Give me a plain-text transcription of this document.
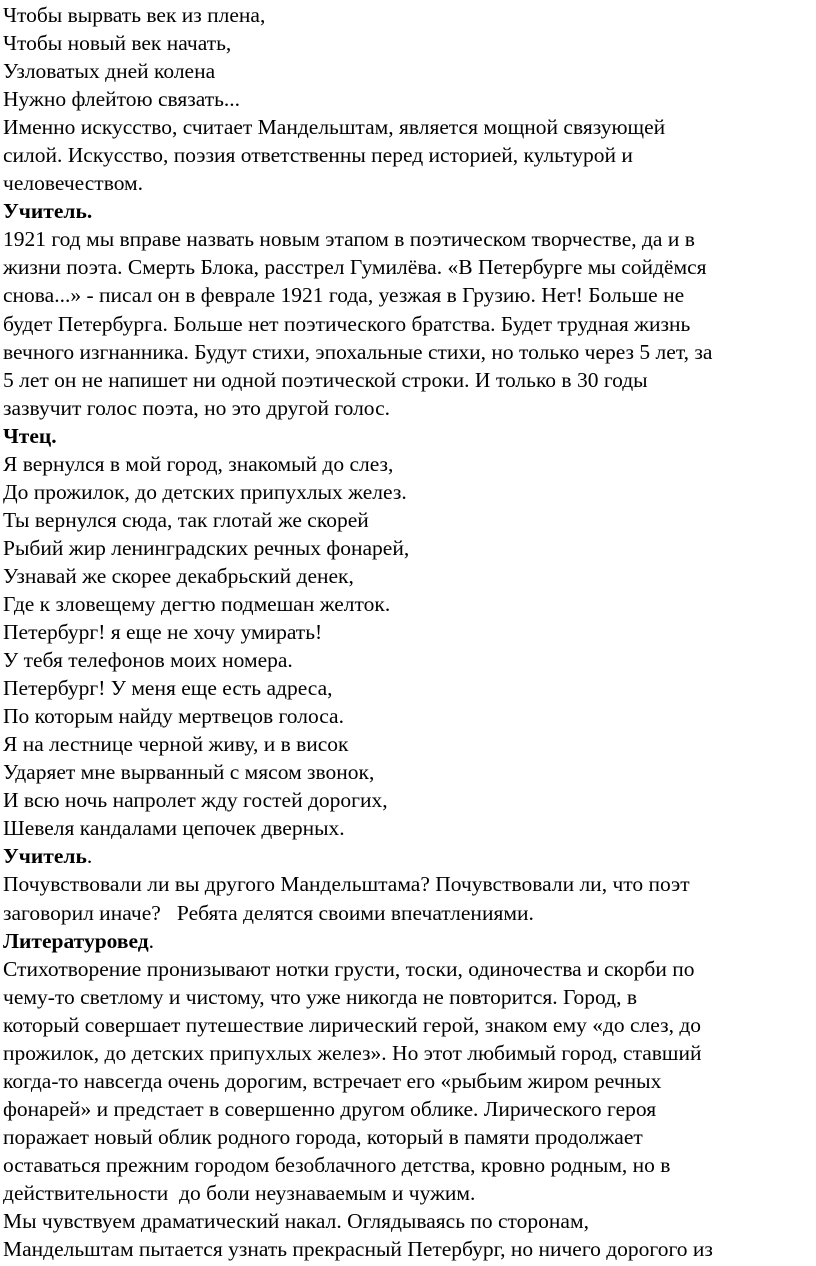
Чтобы вырвать век из плена,
Чтобы новый век начать,
Узловатых дней колена
Нужно флейтою связать...
Именно искусство, считает Мандельштам, является мощной связующей
силой. Искусство, поэзия ответственны перед историей, культурой и
человечеством.
Учитель.
1921 год мы вправе назвать новым этапом в поэтическом творчестве, да и в
жизни поэта. Смерть Блока, расстрел Гумилёва. «В Петербурге мы сойдёмся
снова...» - писал он в феврале 1921 года, уезжая в Грузию. Нет! Больше не
будет Петербурга. Больше нет поэтического братства. Будет трудная жизнь
вечного изгнанника. Будут стихи, эпохальные стихи, но только через 5 лет, за
5 лет он не напишет ни одной поэтической строки. И только в 30 годы
зазвучит голос поэта, но это другой голос.
Чтец.
Я вернулся в мой город, знакомый до слез,
До прожилок, до детских припухлых желез.
Ты вернулся сюда, так глотай же скорей
Рыбий жир ленинградских речных фонарей,
Узнавай же скорее декабрьский денек,
Где к зловещему дегтю подмешан желток.
Петербург! я еще не хочу умирать!
У тебя телефонов моих номера.
Петербург! У меня еще есть адреса,
По которым найду мертвецов голоса.
Я на лестнице черной живу, и в висок
Ударяет мне вырванный с мясом звонок,
И всю ночь напролет жду гостей дорогих,
Шевеля кандалами цепочек дверных.
Учитель.
Почувствовали ли вы другого Мандельштама? Почувствовали ли, что поэт
заговорил иначе?   Ребята делятся своими впечатлениями.
Литературовед.
Стихотворение пронизывают нотки грусти, тоски, одиночества и скорби по
чему-то светлому и чистому, что уже никогда не повторится. Город, в
который совершает путешествие лирический герой, знаком ему «до слез, до
прожилок, до детских припухлых желез». Но этот любимый город, ставший
когда-то навсегда очень дорогим, встречает его «рыбьим жиром речных
фонарей» и предстает в совершенно другом облике. Лирического героя
поражает новый облик родного города, который в памяти продолжает
оставаться прежним городом безоблачного детства, кровно родным, но в
действительности  до боли неузнаваемым и чужим.
Мы чувствуем драматический накал. Оглядываясь по сторонам,
Мандельштам пытается узнать прекрасный Петербург, но ничего дорогого из
